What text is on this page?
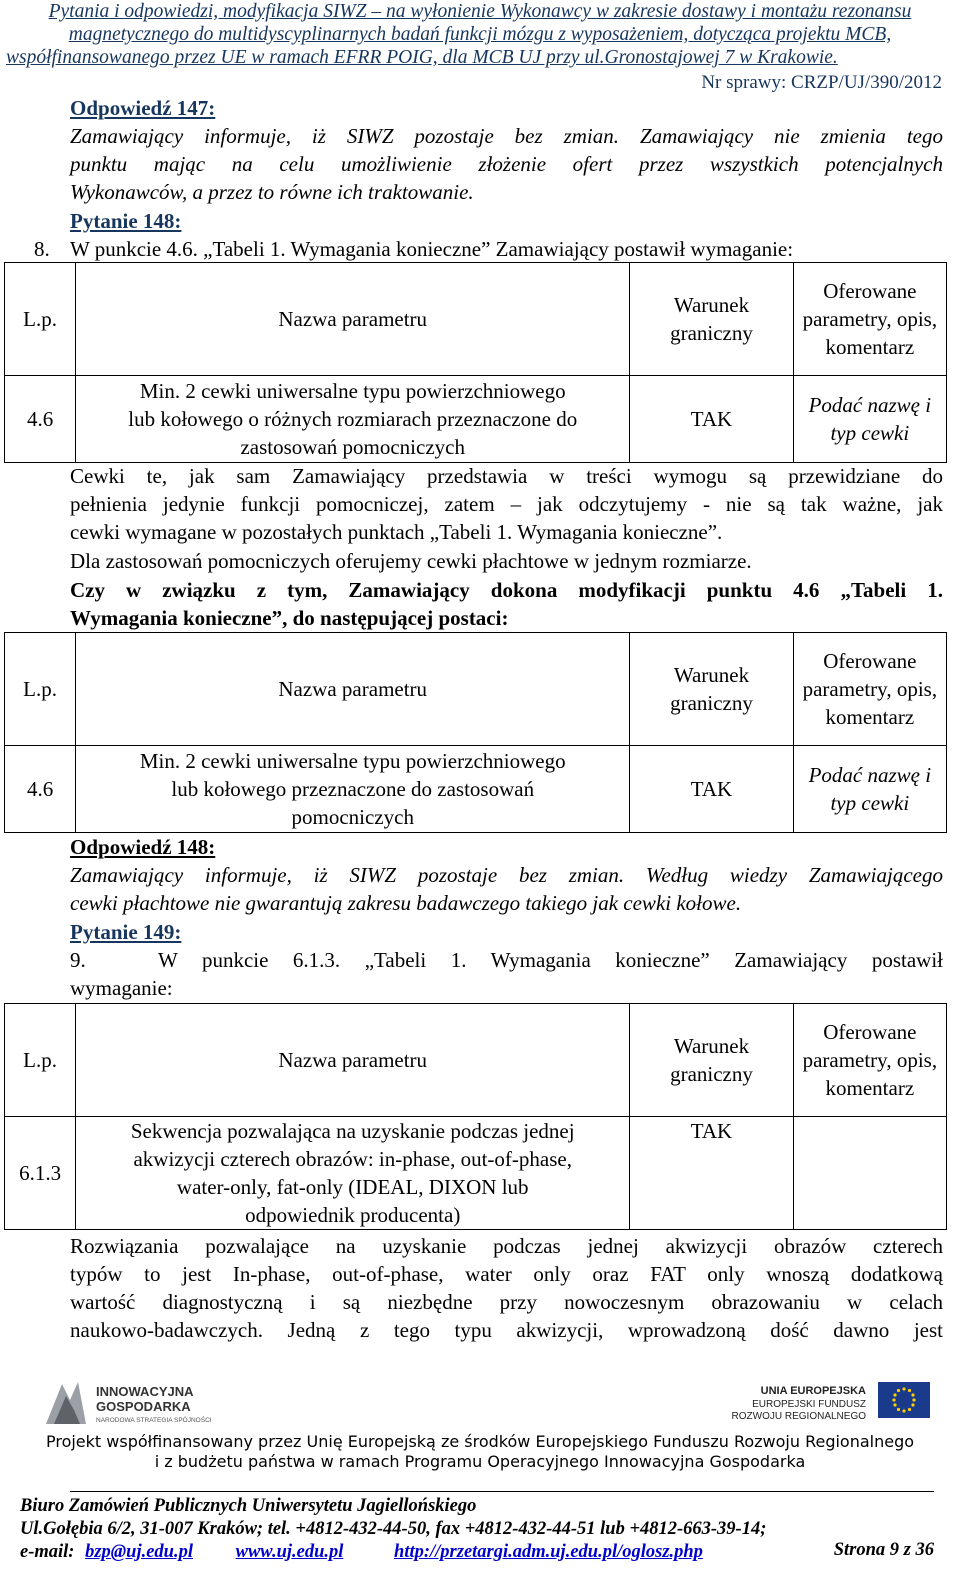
Pytania i odpowiedzi, modyfikacja SIWZ – na wyłonienie Wykonawcy w zakresie dostawy i montażu rezonansu
magnetycznego do multidyscyplinarnych badań funkcji mózgu z wyposażeniem, dotycząca projektu MCB,
współfinansowanego przez UE w ramach EFRR POIG, dla MCB UJ przy ul.Gronostajowej 7 w Krakowie.
Nr sprawy: CRZP/UJ/390/2012
Odpowiedź 147:
Zamawiający informuje, iż SIWZ pozostaje bez zmian. Zamawiający nie zmienia tego
punktu mając na celu umożliwienie złożenie ofert przez wszystkich potencjalnych
Wykonawców, a przez to równe ich traktowanie.
Pytanie 148:
8. W punkcie 4.6. „Tabeli 1. Wymagania konieczne” Zamawiający postawił wymaganie:
L.p.	Nazwa parametru	Warunek graniczny	Oferowane parametry, opis, komentarz
4.6	Min. 2 cewki uniwersalne typu powierzchniowego
lub kołowego o różnych rozmiarach przeznaczone do
zastosowań pomocniczych	TAK	Podać nazwę i typ cewki
Cewki te, jak sam Zamawiający przedstawia w treści wymogu są przewidziane do
pełnienia jedynie funkcji pomocniczej, zatem – jak odczytujemy - nie są tak ważne, jak
cewki wymagane w pozostałych punktach „Tabeli 1. Wymagania konieczne”.
Dla zastosowań pomocniczych oferujemy cewki płachtowe w jednym rozmiarze.
Czy w związku z tym, Zamawiający dokona modyfikacji punktu 4.6 „Tabeli 1.
Wymagania konieczne”, do następującej postaci:
L.p.	Nazwa parametru	Warunek graniczny	Oferowane parametry, opis, komentarz
4.6	Min. 2 cewki uniwersalne typu powierzchniowego
lub kołowego przeznaczone do zastosowań
pomocniczych	TAK	Podać nazwę i typ cewki
Odpowiedź 148:
Zamawiający informuje, iż SIWZ pozostaje bez zmian. Według wiedzy Zamawiającego
cewki płachtowe nie gwarantują zakresu badawczego takiego jak cewki kołowe.
Pytanie 149:
9.	W punkcie 6.1.3. „Tabeli 1. Wymagania konieczne” Zamawiający postawił
wymaganie:
L.p.	Nazwa parametru	Warunek graniczny	Oferowane parametry, opis, komentarz
6.1.3	Sekwencja pozwalająca na uzyskanie podczas jednej
akwizycji czterech obrazów: in-phase, out-of-phase,
water-only, fat-only (IDEAL, DIXON lub
odpowiednik producenta)	TAK	
Rozwiązania pozwalające na uzyskanie podczas jednej akwizycji obrazów czterech
typów to jest In-phase, out-of-phase, water only oraz FAT only wnoszą dodatkową
wartość diagnostyczną i są niezbędne przy nowoczesnym obrazowaniu w celach
naukowo-badawczych. Jedną z tego typu akwizycji, wprowadzoną dość dawno jest
INNOWACYJNA
GOSPODARKA
NARODOWA STRATEGIA SPÓJNOŚCI
UNIA EUROPEJSKA
EUROPEJSKI FUNDUSZ
ROZWOJU REGIONALNEGO
Projekt współfinansowany przez Unię Europejską ze środków Europejskiego Funduszu Rozwoju Regionalnego
i z budżetu państwa w ramach Programu Operacyjnego Innowacyjna Gospodarka
Biuro Zamówień Publicznych Uniwersytetu Jagiellońskiego
Ul.Gołębia 6/2, 31-007 Kraków; tel. +4812-432-44-50, fax +4812-432-44-51 lub +4812-663-39-14;
e-mail: bzp@uj.edu.pl www.uj.edu.pl	http://przetargi.adm.uj.edu.pl/oglosz.php	Strona 9 z 36
